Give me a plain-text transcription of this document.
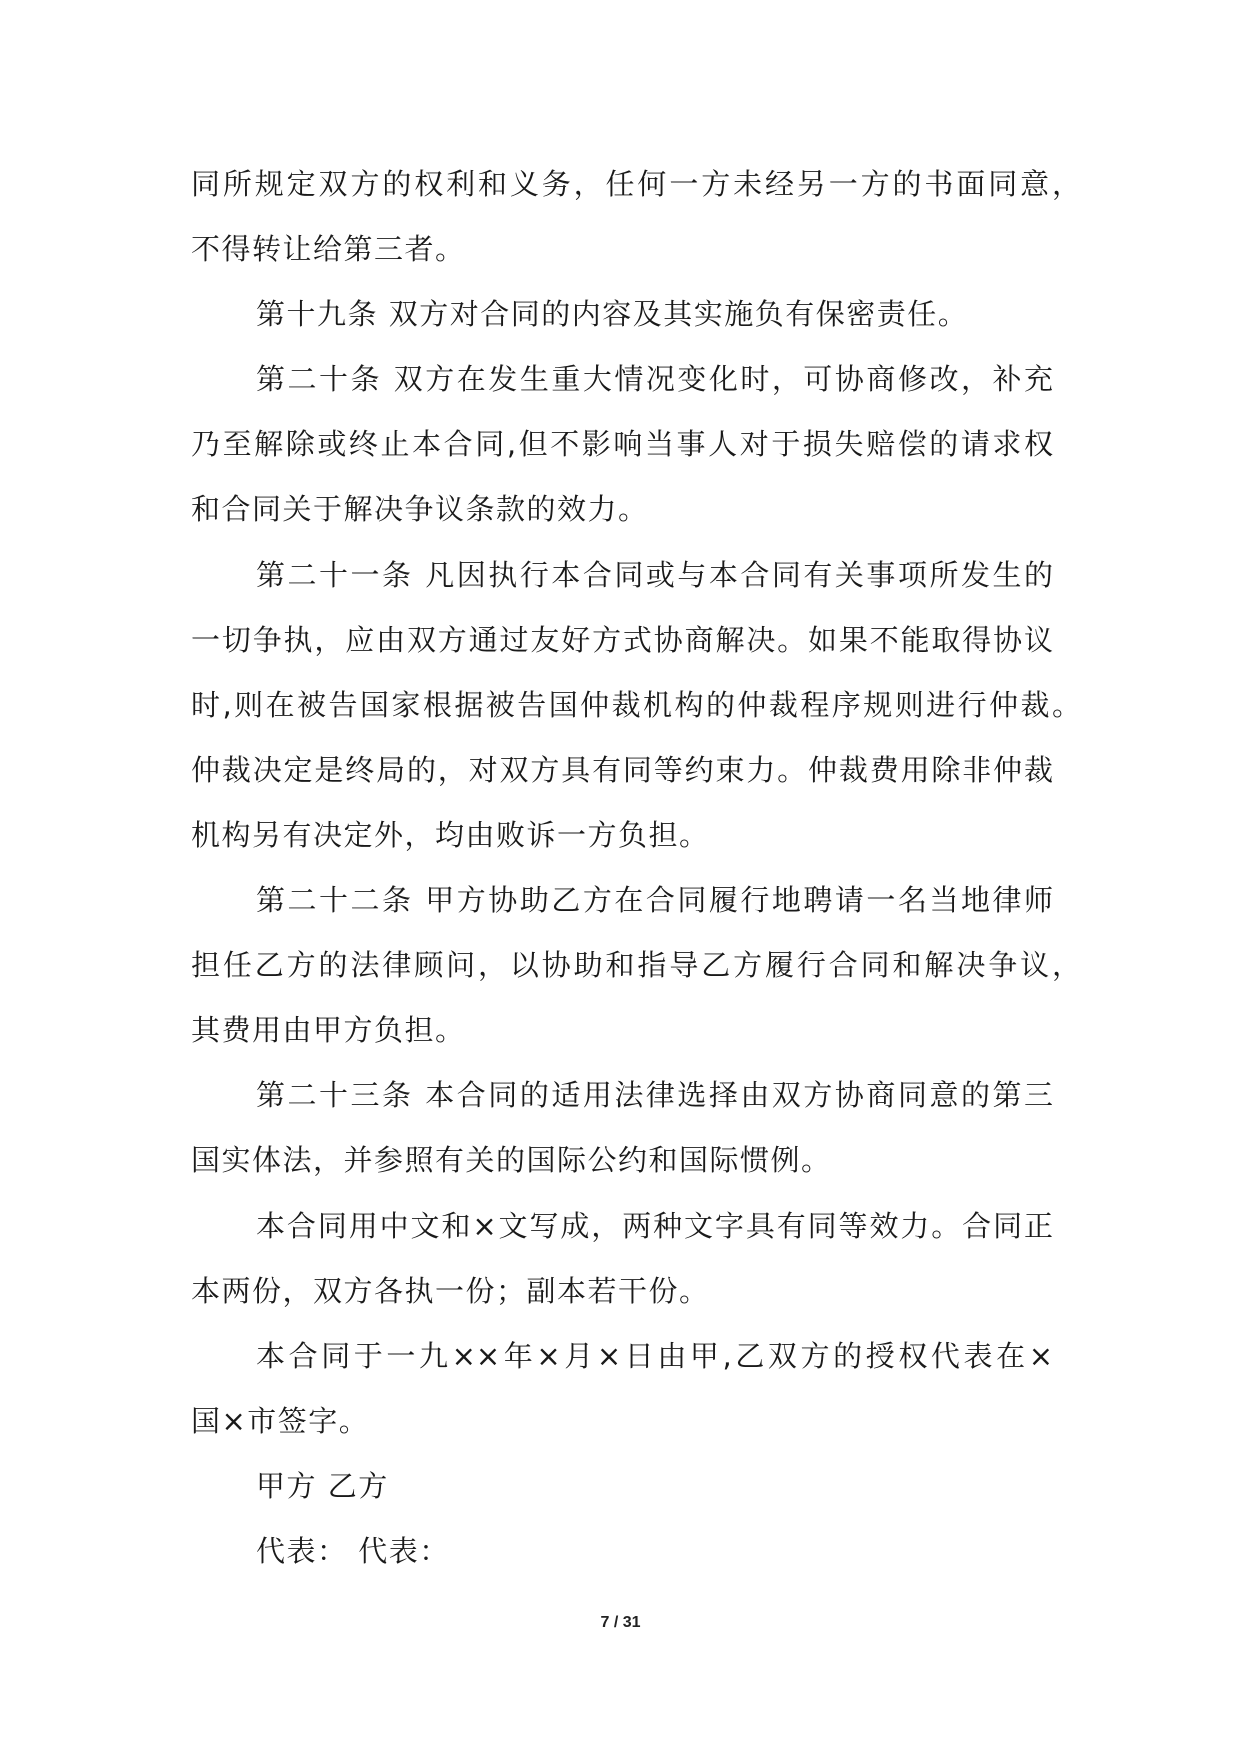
同所规定双方的权利和义务，任何一方未经另一方的书面同意，
不得转让给第三者。
第十九条 双方对合同的内容及其实施负有保密责任。
第二十条 双方在发生重大情况变化时，可协商修改，补充
乃至解除或终止本合同,但不影响当事人对于损失赔偿的请求权
和合同关于解决争议条款的效力。
第二十一条 凡因执行本合同或与本合同有关事项所发生的
一切争执，应由双方通过友好方式协商解决。如果不能取得协议
时,则在被告国家根据被告国仲裁机构的仲裁程序规则进行仲裁。
仲裁决定是终局的，对双方具有同等约束力。仲裁费用除非仲裁
机构另有决定外，均由败诉一方负担。
第二十二条 甲方协助乙方在合同履行地聘请一名当地律师
担任乙方的法律顾问，以协助和指导乙方履行合同和解决争议，
其费用由甲方负担。
第二十三条 本合同的适用法律选择由双方协商同意的第三
国实体法，并参照有关的国际公约和国际惯例。
本合同用中文和×文写成，两种文字具有同等效力。合同正
本两份，双方各执一份；副本若干份。
本合同于一九××年×月×日由甲,乙双方的授权代表在×
国×市签字。
甲方 乙方
代表： 代表：
7 / 31
